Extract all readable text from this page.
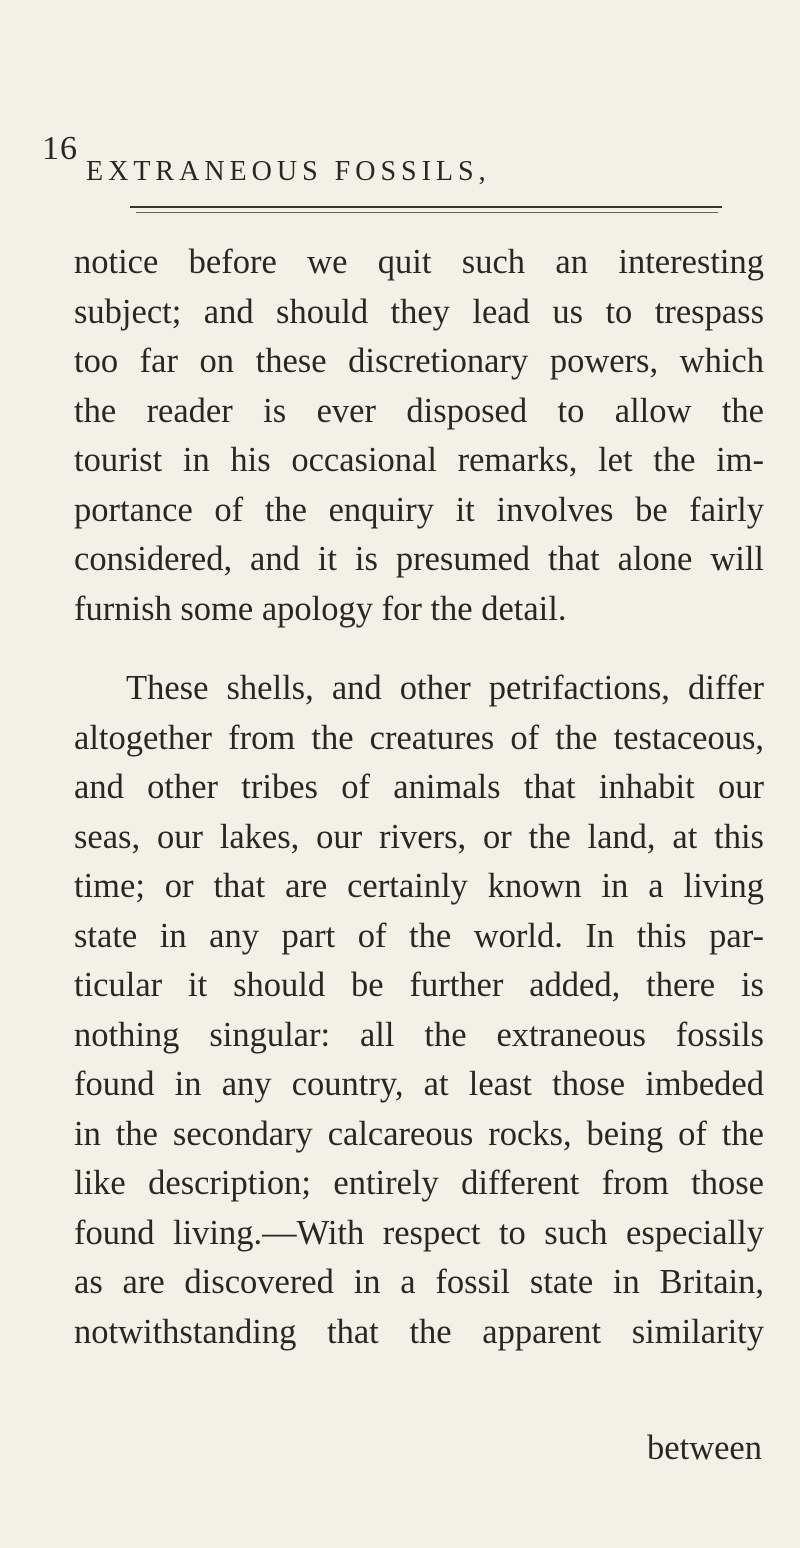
16
EXTRANEOUS FOSSILS,

notice before we quit such an interesting
subject; and should they lead us to trespass
too far on these discretionary powers, which
the reader is ever disposed to allow the
tourist in his occasional remarks, let the im-
portance of the enquiry it involves be fairly
considered, and it is presumed that alone will
furnish some apology for the detail.

These shells, and other petrifactions, differ
altogether from the creatures of the testaceous,
and other tribes of animals that inhabit our
seas, our lakes, our rivers, or the land, at this
time; or that are certainly known in a living
state in any part of the world. In this par-
ticular it should be further added, there is
nothing singular: all the extraneous fossils
found in any country, at least those imbeded
in the secondary calcareous rocks, being of the
like description; entirely different from those
found living.—With respect to such especially
as are discovered in a fossil state in Britain,
notwithstanding that the apparent similarity

between
